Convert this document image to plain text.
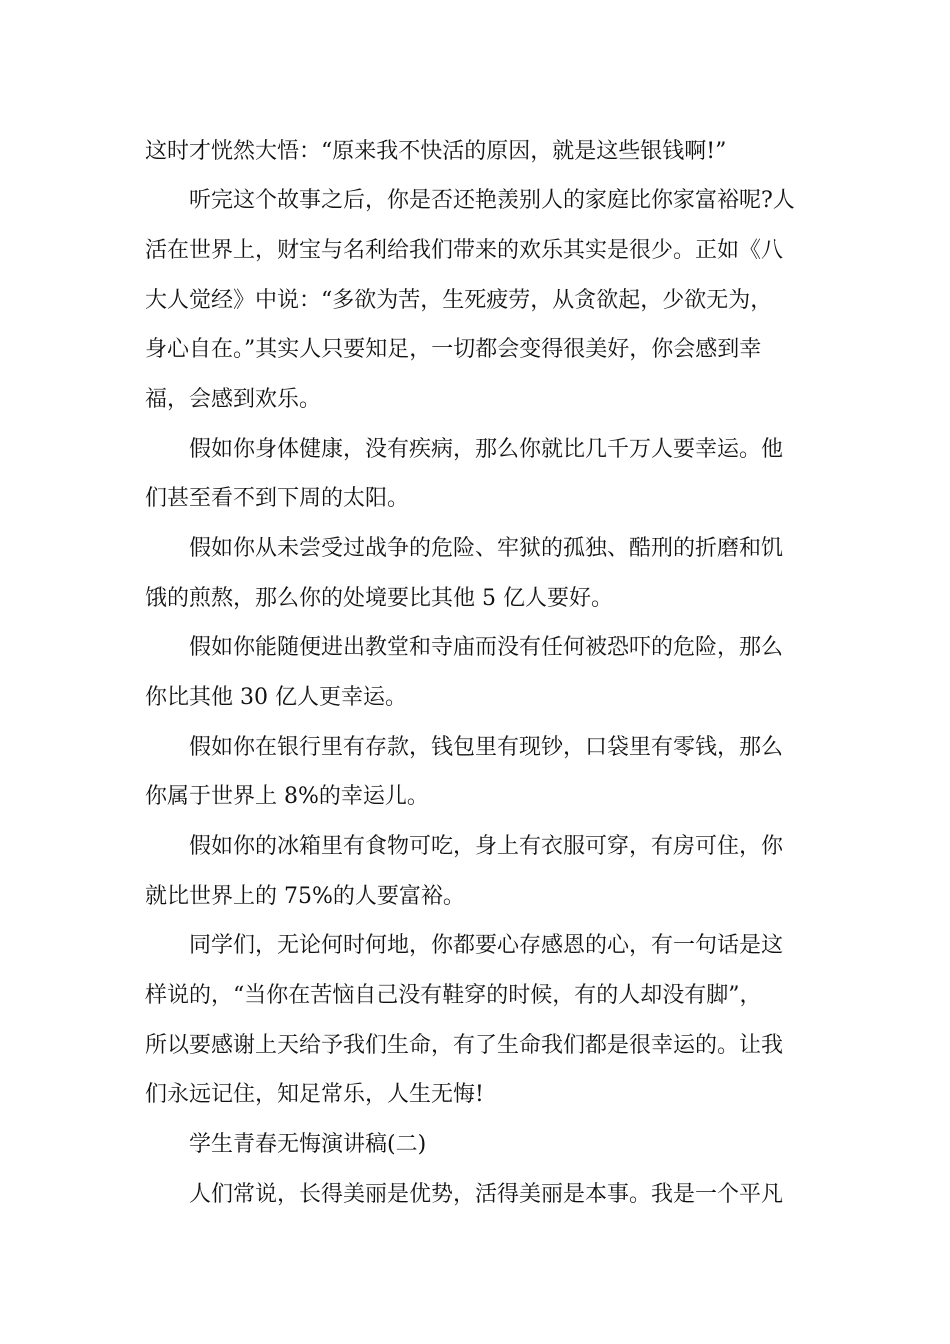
这时才恍然大悟：“原来我不快活的原因，就是这些银钱啊!”
听完这个故事之后，你是否还艳羡别人的家庭比你家富裕呢?人
活在世界上，财宝与名利给我们带来的欢乐其实是很少。正如《八
大人觉经》中说：“多欲为苦，生死疲劳，从贪欲起，少欲无为，
身心自在。”其实人只要知足，一切都会变得很美好，你会感到幸
福，会感到欢乐。
假如你身体健康，没有疾病，那么你就比几千万人要幸运。他
们甚至看不到下周的太阳。
假如你从未尝受过战争的危险、牢狱的孤独、酷刑的折磨和饥
饿的煎熬，那么你的处境要比其他 5 亿人要好。
假如你能随便进出教堂和寺庙而没有任何被恐吓的危险，那么
你比其他 30 亿人更幸运。
假如你在银行里有存款，钱包里有现钞，口袋里有零钱，那么
你属于世界上 8%的幸运儿。
假如你的冰箱里有食物可吃，身上有衣服可穿，有房可住，你
就比世界上的 75%的人要富裕。
同学们，无论何时何地，你都要心存感恩的心，有一句话是这
样说的，“当你在苦恼自己没有鞋穿的时候，有的人却没有脚”，
所以要感谢上天给予我们生命，有了生命我们都是很幸运的。让我
们永远记住，知足常乐，人生无悔!
学生青春无悔演讲稿(二)
人们常说，长得美丽是优势，活得美丽是本事。我是一个平凡
